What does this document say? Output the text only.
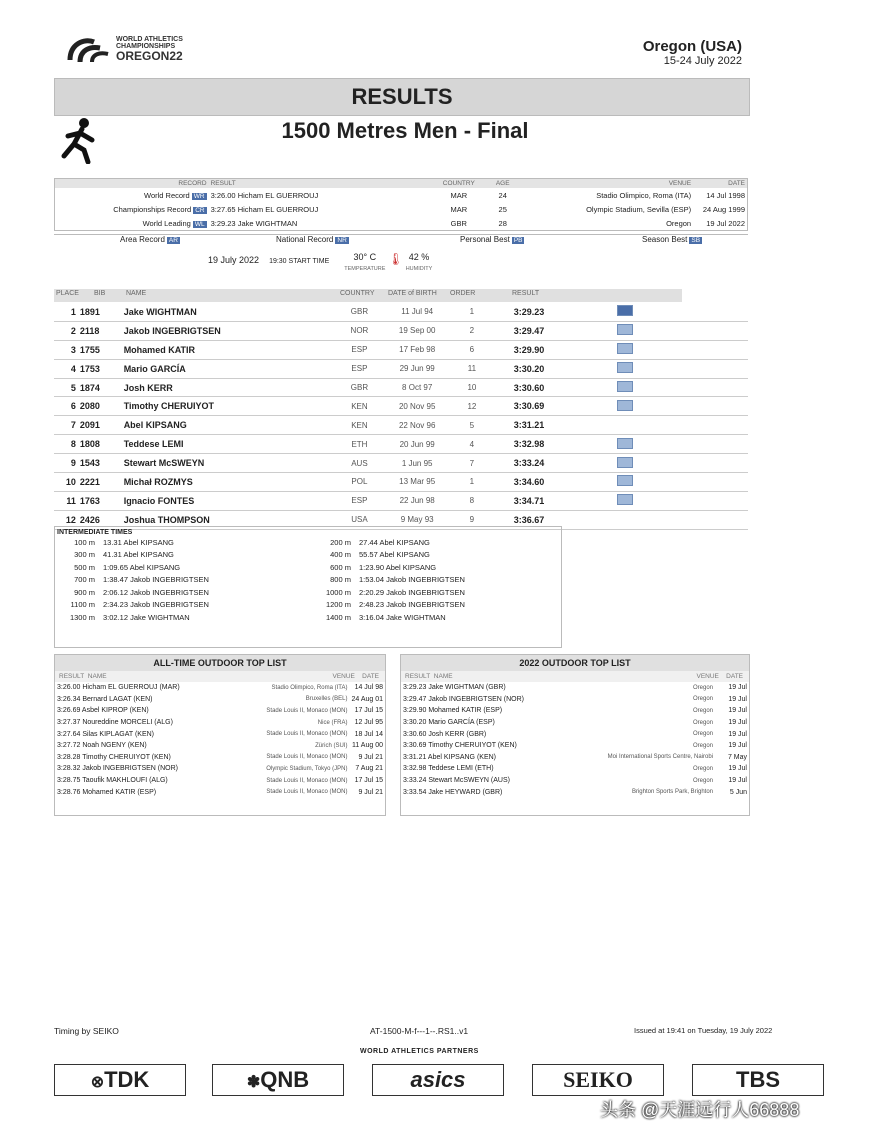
WORLD ATHLETICS
CHAMPIONSHIPS
OREGON22
Oregon (USA)
15-24 July 2022
RESULTS
1500 Metres Men - Final
RECORD	RESULT	COUNTRY	AGE	VENUE	DATE
World Record WR	3:26.00 Hicham EL GUERROUJ	MAR	24	Stadio Olimpico, Roma (ITA)	14 Jul 1998
Championships Record CR	3:27.65 Hicham EL GUERROUJ	MAR	25	Olympic Stadium, Sevilla (ESP)	24 Aug 1999
World Leading WL	3:29.23 Jake WIGHTMAN	GBR	28	Oregon	19 Jul 2022
Area Record AR	National Record NR	Personal Best PB	Season Best SB
19 July 2022 19:30 START TIME	30° C
TEMPERATURE 🌡 42 %
HUMIDITY
PLACE BIB	NAME	COUNTRY DATE of BIRTH ORDER	RESULT
1	1891	Jake WIGHTMAN	GBR	11 Jul 94	1	3:29.23	
2	2118	Jakob INGEBRIGTSEN	NOR	19 Sep 00	2	3:29.47	
3	1755	Mohamed KATIR	ESP	17 Feb 98	6	3:29.90	
4	1753	Mario GARCÍA	ESP	29 Jun 99	11	3:30.20	
5	1874	Josh KERR	GBR	8 Oct 97	10	3:30.60	
6	2080	Timothy CHERUIYOT	KEN	20 Nov 95	12	3:30.69	
7	2091	Abel KIPSANG	KEN	22 Nov 96	5	3:31.21	
8	1808	Teddese LEMI	ETH	20 Jun 99	4	3:32.98	
9	1543	Stewart McSWEYN	AUS	1 Jun 95	7	3:33.24	
10	2221	Michał ROZMYS	POL	13 Mar 95	1	3:34.60	
11	1763	Ignacio FONTES	ESP	22 Jun 98	8	3:34.71	
12	2426	Joshua THOMPSON	USA	9 May 93	9	3:36.67	
INTERMEDIATE TIMES
100 m	13.31 Abel KIPSANG	200 m	27.44 Abel KIPSANG
300 m	41.31 Abel KIPSANG	400 m	55.57 Abel KIPSANG
500 m	1:09.65 Abel KIPSANG	600 m	1:23.90 Abel KIPSANG
700 m	1:38.47 Jakob INGEBRIGTSEN	800 m	1:53.04 Jakob INGEBRIGTSEN
900 m	2:06.12 Jakob INGEBRIGTSEN	1000 m	2:20.29 Jakob INGEBRIGTSEN
1100 m	2:34.23 Jakob INGEBRIGTSEN	1200 m	2:48.23 Jakob INGEBRIGTSEN
1300 m	3:02.12 Jake WIGHTMAN	1400 m	3:16.04 Jake WIGHTMAN
ALL-TIME OUTDOOR TOP LIST
RESULT NAME	VENUE DATE
3:26.00 Hicham EL GUERROUJ (MAR)	Stadio Olimpico, Roma (ITA)	14 Jul 98
3:26.34 Bernard LAGAT (KEN)	Bruxelles (BEL)	24 Aug 01
3:26.69 Asbel KIPROP (KEN)	Stade Louis II, Monaco (MON)	17 Jul 15
3:27.37 Noureddine MORCELI (ALG)	Nice (FRA)	12 Jul 95
3:27.64 Silas KIPLAGAT (KEN)	Stade Louis II, Monaco (MON)	18 Jul 14
3:27.72 Noah NGENY (KEN)	Zürich (SUI)	11 Aug 00
3:28.28 Timothy CHERUIYOT (KEN)	Stade Louis II, Monaco (MON)	9 Jul 21
3:28.32 Jakob INGEBRIGTSEN (NOR)	Olympic Stadium, Tokyo (JPN)	7 Aug 21
3:28.75 Taoufik MAKHLOUFI (ALG)	Stade Louis II, Monaco (MON)	17 Jul 15
3:28.76 Mohamed KATIR (ESP)	Stade Louis II, Monaco (MON)	9 Jul 21
2022 OUTDOOR TOP LIST
RESULT NAME	VENUE DATE
3:29.23 Jake WIGHTMAN (GBR)	Oregon	19 Jul
3:29.47 Jakob INGEBRIGTSEN (NOR)	Oregon	19 Jul
3:29.90 Mohamed KATIR (ESP)	Oregon	19 Jul
3:30.20 Mario GARCÍA (ESP)	Oregon	19 Jul
3:30.60 Josh KERR (GBR)	Oregon	19 Jul
3:30.69 Timothy CHERUIYOT (KEN)	Oregon	19 Jul
3:31.21 Abel KIPSANG (KEN)	Moi International Sports Centre, Nairobi	7 May
3:32.98 Teddese LEMI (ETH)	Oregon	19 Jul
3:33.24 Stewart McSWEYN (AUS)	Oregon	19 Jul
3:33.54 Jake HEYWARD (GBR)	Brighton Sports Park, Brighton	5 Jun
Timing by SEIKO	AT-1500-M-f---1--.RS1..v1	Issued at 19:41 on Tuesday, 19 July 2022
WORLD ATHLETICS PARTNERS
⊗TDK	✽QNB	asics	SEIKO	TBS
头条 @天涯远行人66888
